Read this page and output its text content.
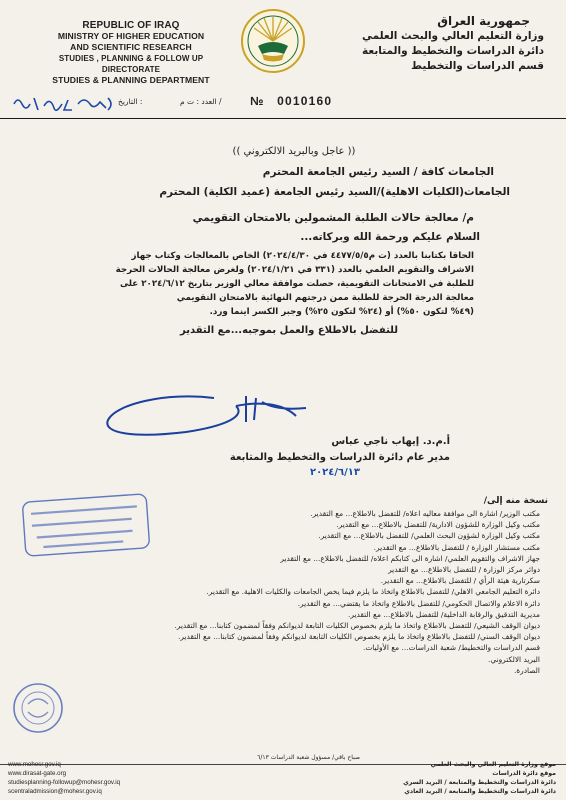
REPUBLIC OF IRAQ
MINISTRY OF HIGHER EDUCATION
AND SCIENTIFIC RESEARCH
STUDIES , PLANNING & FOLLOW UP DIRECTORATE
STUDIES & PLANNING DEPARTMENT
جمهورية العراق
وزارة التعليم العالي والبحث العلمي
دائرة الدراسات والتخطيط والمتابعة
قسم الدراسات والتخطيط
التاريخ :	العدد : ت م / № 0010160
(( عاجل وبالبريد الالكتروني ))
الجامعات كافة / السيد رئيس الجامعة المحترم
الجامعات(الكليات الاهلية)/السيد رئيس الجامعة (عميد الكلية) المحترم
م/ معالجة حالات الطلبة المشمولين بالامتحان التقويمي
السلام عليكم ورحمة الله وبركاته...
الحاقا بكتابنا بالعدد (ت م٤٤٧٧/٥/٥ في ٢٠٢٤/٤/٣٠) الخاص بالمعالجات وكتاب جهاز
الاشراف والتقويم العلمي بالعدد (٣٣١ في ٢٠٢٤/١/٢١) ولغرض معالجة الحالات الحرجة
للطلبة في الامتحانات التقويمية، حصلت موافقة معالي الوزير بتاريخ ٢٠٢٤/٦/١٢ على
معالجة الدرجة الحرجة للطلبة ممن درجتهم النهائية بالامتحان التقويمي
(٤٩% لتكون ٥٠%) أو (٢٤% لتكون ٢٥%) وجبر الكسر اينما ورد.
للتفضل بالاطلاع والعمل بموجبه...مع التقدير
أ.م.د. إيهاب ناجي عباس
مدير عام دائرة الدراسات والتخطيط والمتابعة
٢٠٢٤/٦/١٣
نسخة منه إلى/
مكتب الوزير/ اشارة الى موافقة معاليه اعلاه/ للتفضل بالاطلاع... مع التقدير.
مكتب وكيل الوزارة للشؤون الادارية/ للتفضل بالاطلاع... مع التقدير.
مكتب وكيل الوزارة لشؤون البحث العلمي/ للتفضل بالاطلاع... مع التقدير.
مكتب مستشار الوزارة / للتفضل بالاطلاع... مع التقدير.
جهاز الاشراف والتقويم العلمي/ اشارة الى كتابكم اعلاه/ للتفضل بالاطلاع... مع التقدير
دوائر مركز الوزارة / للتفضل بالاطلاع... مع التقدير
سكرتارية هيئة الرأي / للتفضل بالاطلاع... مع التقدير.
دائرة التعليم الجامعي الاهلي/ للتفضل بالاطلاع واتخاذ ما يلزم فيما يخص الجامعات والكليات الاهلية. مع التقدير.
دائرة الاعلام والاتصال الحكومي/ للتفضل بالاطلاع واتخاذ ما يقتضي... مع التقدير.
مديرية التدقيق والرقابة الداخلية/ للتفضل بالاطلاع... مع التقدير.
ديوان الوقف الشيعي/ للتفضل بالاطلاع واتخاذ ما يلزم بخصوص الكليات التابعة لديوانكم وفقاً لمضمون كتابنا... مع التقدير.
ديوان الوقف السني/ للتفضل بالاطلاع واتخاذ ما يلزم بخصوص الكليات التابعة لديوانكم وفقاً لمضمون كتابنا... مع التقدير.
قسم الدراسات والتخطيط/ شعبة الدراسات... مع الأوليات.
البريد الالكتروني.
الصادرة.
صباح باقي/ مسؤول شعبة الدراسات ٦/١٣
www.mohesr.gov.iq
www.dirasat-gate.org
studiesplanning-followup@mohesr.gov.iq
scentraladmission@mohesr.gov.iq
موقع وزارة التعليم العالي والبحث العلمي
موقع دائرة الدراسات
دائرة الدراسات والتخطيط والمتابعة / البريد السري
دائرة الدراسات والتخطيط والمتابعة / البريد العادي
